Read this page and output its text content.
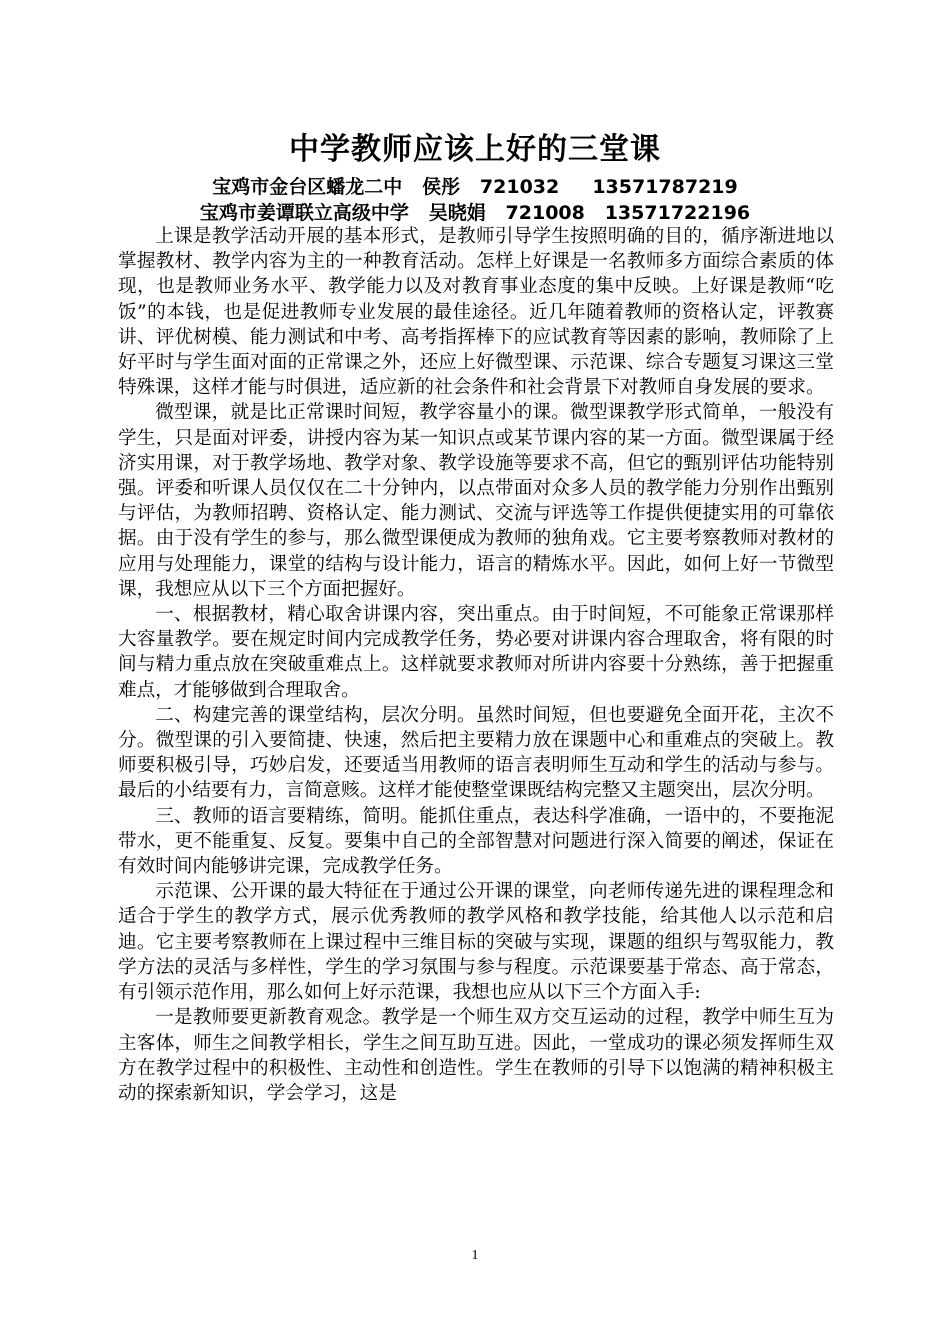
中学教师应该上好的三堂课
宝鸡市金台区蟠龙二中   侯彤   721032     13571787219
宝鸡市姜谭联立高级中学   吴晓娟   721008   13571722196

上课是教学活动开展的基本形式，是教师引导学生按照明确的目的，循序渐进地以掌握教材、教学内容为主的一种教育活动。怎样上好课是一名教师多方面综合素质的体现，也是教师业务水平、教学能力以及对教育事业态度的集中反映。上好课是教师“吃饭”的本钱，也是促进教师专业发展的最佳途径。近几年随着教师的资格认定，评教赛讲、评优树模、能力测试和中考、高考指挥棒下的应试教育等因素的影响，教师除了上好平时与学生面对面的正常课之外，还应上好微型课、示范课、综合专题复习课这三堂特殊课，这样才能与时俱进，适应新的社会条件和社会背景下对教师自身发展的要求。

微型课，就是比正常课时间短，教学容量小的课。微型课教学形式简单，一般没有学生，只是面对评委，讲授内容为某一知识点或某节课内容的某一方面。微型课属于经济实用课，对于教学场地、教学对象、教学设施等要求不高，但它的甄别评估功能特别强。评委和听课人员仅仅在二十分钟内，以点带面对众多人员的教学能力分别作出甄别与评估，为教师招聘、资格认定、能力测试、交流与评选等工作提供便捷实用的可靠依据。由于没有学生的参与，那么微型课便成为教师的独角戏。它主要考察教师对教材的应用与处理能力，课堂的结构与设计能力，语言的精炼水平。因此，如何上好一节微型课，我想应从以下三个方面把握好。

一、根据教材，精心取舍讲课内容，突出重点。由于时间短，不可能象正常课那样大容量教学。要在规定时间内完成教学任务，势必要对讲课内容合理取舍，将有限的时间与精力重点放在突破重难点上。这样就要求教师对所讲内容要十分熟练，善于把握重难点，才能够做到合理取舍。

二、构建完善的课堂结构，层次分明。虽然时间短，但也要避免全面开花，主次不分。微型课的引入要简捷、快速，然后把主要精力放在课题中心和重难点的突破上。教师要积极引导，巧妙启发，还要适当用教师的语言表明师生互动和学生的活动与参与。最后的小结要有力，言简意赅。这样才能使整堂课既结构完整又主题突出，层次分明。

三、教师的语言要精练，简明。能抓住重点，表达科学准确，一语中的，不要拖泥带水，更不能重复、反复。要集中自己的全部智慧对问题进行深入简要的阐述，保证在有效时间内能够讲完课，完成教学任务。

示范课、公开课的最大特征在于通过公开课的课堂，向老师传递先进的课程理念和适合于学生的教学方式，展示优秀教师的教学风格和教学技能，给其他人以示范和启迪。它主要考察教师在上课过程中三维目标的突破与实现，课题的组织与驾驭能力，教学方法的灵活与多样性，学生的学习氛围与参与程度。示范课要基于常态、高于常态，有引领示范作用，那么如何上好示范课，我想也应从以下三个方面入手:

一是教师要更新教育观念。教学是一个师生双方交互运动的过程，教学中师生互为主客体，师生之间教学相长，学生之间互助互进。因此，一堂成功的课必须发挥师生双方在教学过程中的积极性、主动性和创造性。学生在教师的引导下以饱满的精神积极主动的探索新知识，学会学习，这是

1
